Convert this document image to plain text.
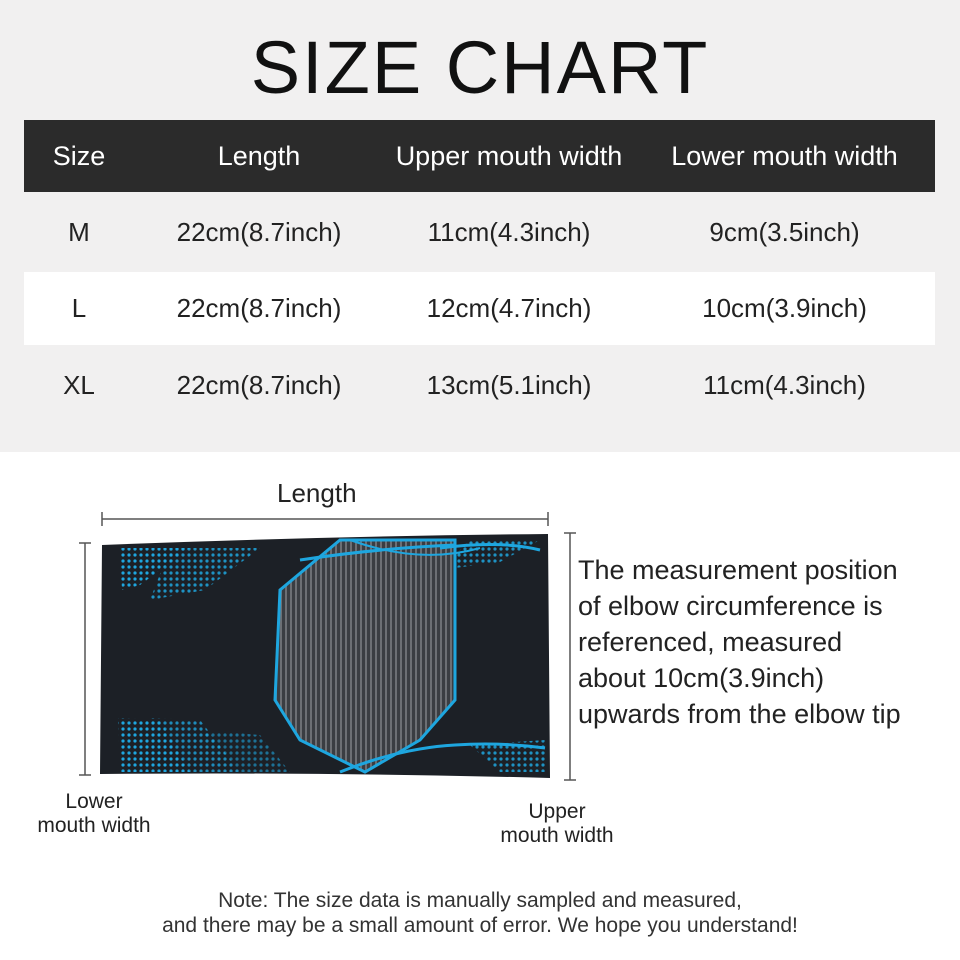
SIZE CHART
Size	Length	Upper mouth width	Lower mouth width
M	22cm(8.7inch)	11cm(4.3inch)	9cm(3.5inch)
L	22cm(8.7inch)	12cm(4.7inch)	10cm(3.9inch)
XL	22cm(8.7inch)	13cm(5.1inch)	11cm(4.3inch)
Length
Lower
mouth width
Upper
mouth width
The measurement position
of elbow circumference is
referenced, measured
about 10cm(3.9inch)
upwards from the elbow tip
Note: The size data is manually sampled and measured,
and there may be a small amount of error. We hope you understand!
